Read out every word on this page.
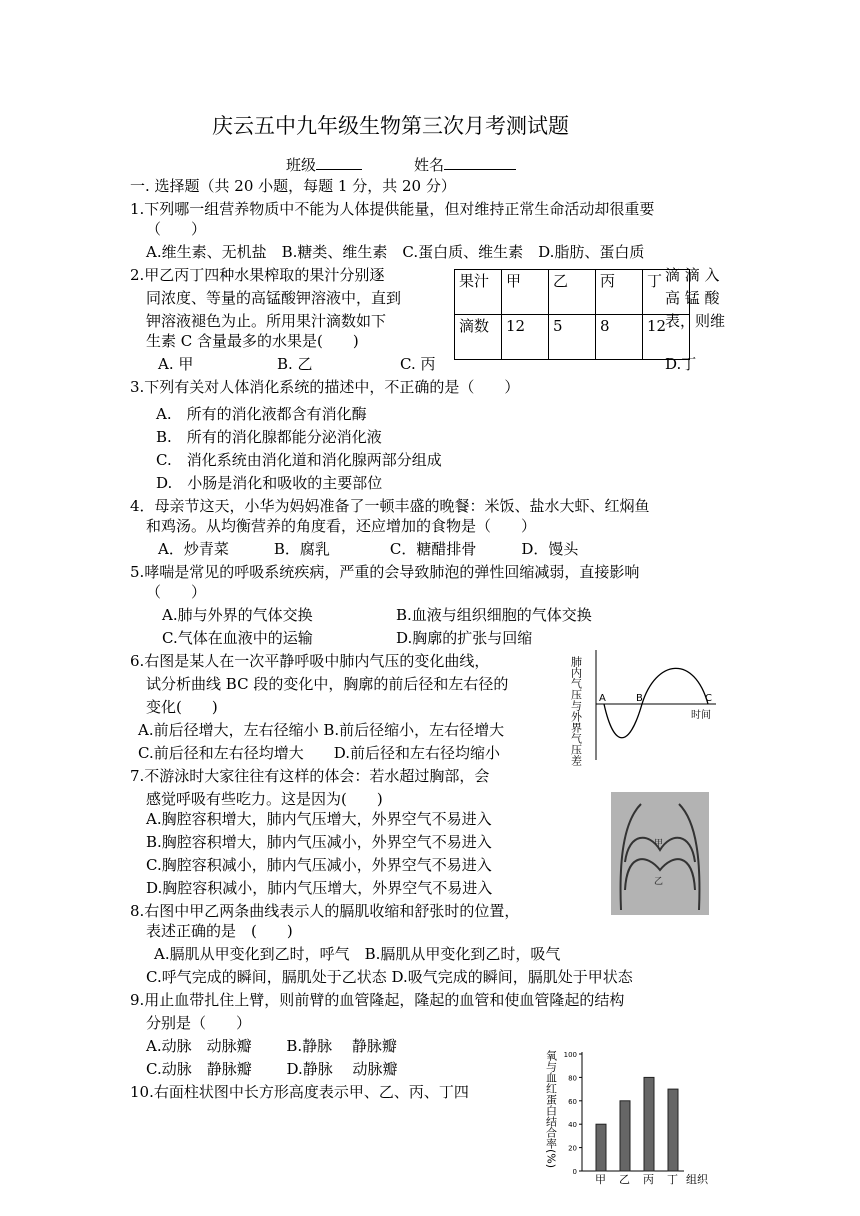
庆云五中九年级生物第三次月考测试题
班级	姓名
一. 选择题（共 20 小题，每题 1 分，共 20 分）
1.下列哪一组营养物质中不能为人体提供能量，但对维持正常生命活动却很重要
（　　）
A.维生素、无机盐　B.糖类、维生素　C.蛋白质、维生素　D.脂肪、蛋白质
2.甲乙丙丁四种水果榨取的果汁分别逐
同浓度、等量的高锰酸钾溶液中，直到
钾溶液褪色为止。所用果汁滴数如下
生素 C 含量最多的水果是(　　)
滴 滴 入
高 锰 酸
表，则维
A. 甲	B. 乙	C. 丙	D.丁
果汁	甲	乙	丙	丁
滴数	12	5	8	12
3.下列有关对人体消化系统的描述中，不正确的是（　　）
A.　所有的消化液都含有消化酶
B.　所有的消化腺都能分泌消化液
C.　消化系统由消化道和消化腺两部分组成
D.　小肠是消化和吸收的主要部位
4．母亲节这天，小华为妈妈准备了一顿丰盛的晚餐：米饭、盐水大虾、红焖鱼
和鸡汤。从均衡营养的角度看，还应增加的食物是（　　）
A．炒青菜　　　B．腐乳　　　　C．糖醋排骨　　　D．馒头
5.哮喘是常见的呼吸系统疾病，严重的会导致肺泡的弹性回缩减弱，直接影响
（　　）
A.肺与外界的气体交换	B.血液与组织细胞的气体交换
C.气体在血液中的运输	D.胸廓的扩张与回缩
6.右图是某人在一次平静呼吸中肺内气压的变化曲线，
试分析曲线 BC 段的变化中，胸廓的前后径和左右径的
变化(　　)
A.前后径增大，左右径缩小 B.前后径缩小，左右径增大
C.前后径和左右径均增大　　D.前后径和左右径均缩小	肺内气压与外界气压差 A	B	C
时间
7.不游泳时大家往往有这样的体会：若水超过胸部，会
感觉呼吸有些吃力。这是因为(　　)
A.胸腔容积增大，肺内气压增大，外界空气不易进入
B.胸腔容积增大，肺内气压减小，外界空气不易进入
C.胸腔容积减小，肺内气压减小，外界空气不易进入
D.胸腔容积减小，肺内气压增大，外界空气不易进入
甲
乙
8.右图中甲乙两条曲线表示人的膈肌收缩和舒张时的位置，
表述正确的是　(　　)
A.膈肌从甲变化到乙时，呼气　B.膈肌从甲变化到乙时，吸气
C.呼气完成的瞬间，膈肌处于乙状态 D.吸气完成的瞬间，膈肌处于甲状态
9.用止血带扎住上臂，则前臂的血管隆起，隆起的血管和使血管隆起的结构
分别是（　　）
A.动脉　动脉瓣　　 B.静脉　 静脉瓣
C.动脉　静脉瓣　　 D.静脉　 动脉瓣
10.右面柱状图中长方形高度表示甲、乙、丙、丁四	氧与血红蛋白结合率(%)
0
20
40
60
80
100
甲 乙 丙 丁 组织
